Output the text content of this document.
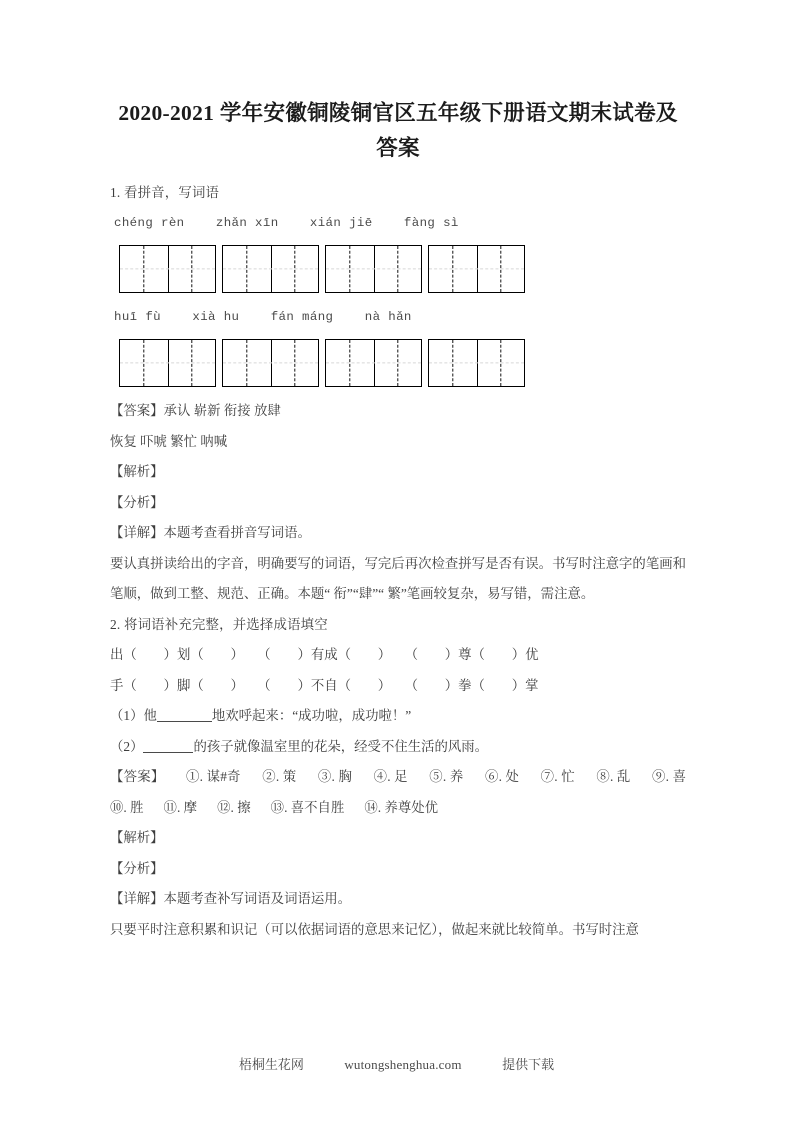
2020-2021 学年安徽铜陵铜官区五年级下册语文期末试卷及答案
1. 看拼音，写词语
chéng rèn    zhǎn xīn    xián jiē    fàng sì
huī fù    xià hu    fán máng    nà hǎn
【答案】承认 崭新 衔接 放肆
恢复 吓唬 繁忙 呐喊
【解析】
【分析】
【详解】本题考查看拼音写词语。
要认真拼读给出的字音，明确要写的词语，写完后再次检查拼写是否有误。书写时注意字的笔画和笔顺，做到工整、规范、正确。本题“ 衔”“肆”“ 繁”笔画较复杂，易写错，需注意。
2. 将词语补充完整，并选择成语填空
出（        ）划（        ）    （        ）有成（        ）    （        ）尊（        ）优
手（        ）脚（        ）    （        ）不自（        ）    （        ）拳（        ）掌
（1）他	地欢呼起来：“成功啦，成功啦！”
（2）	的孩子就像温室里的花朵，经受不住生活的风雨。
【答案】      ①. 谋#奇      ②. 策      ③. 胸      ④. 足      ⑤. 养      ⑥. 处      ⑦. 忙      ⑧. 乱      ⑨. 喜      ⑩. 胜      ⑪. 摩      ⑫. 擦      ⑬. 喜不自胜      ⑭. 养尊处优
【解析】
【分析】
【详解】本题考查补写词语及词语运用。
只要平时注意积累和识记（可以依据词语的意思来记忆），做起来就比较简单。书写时注意
梧桐生花网	wutongshenghua.com	提供下载
